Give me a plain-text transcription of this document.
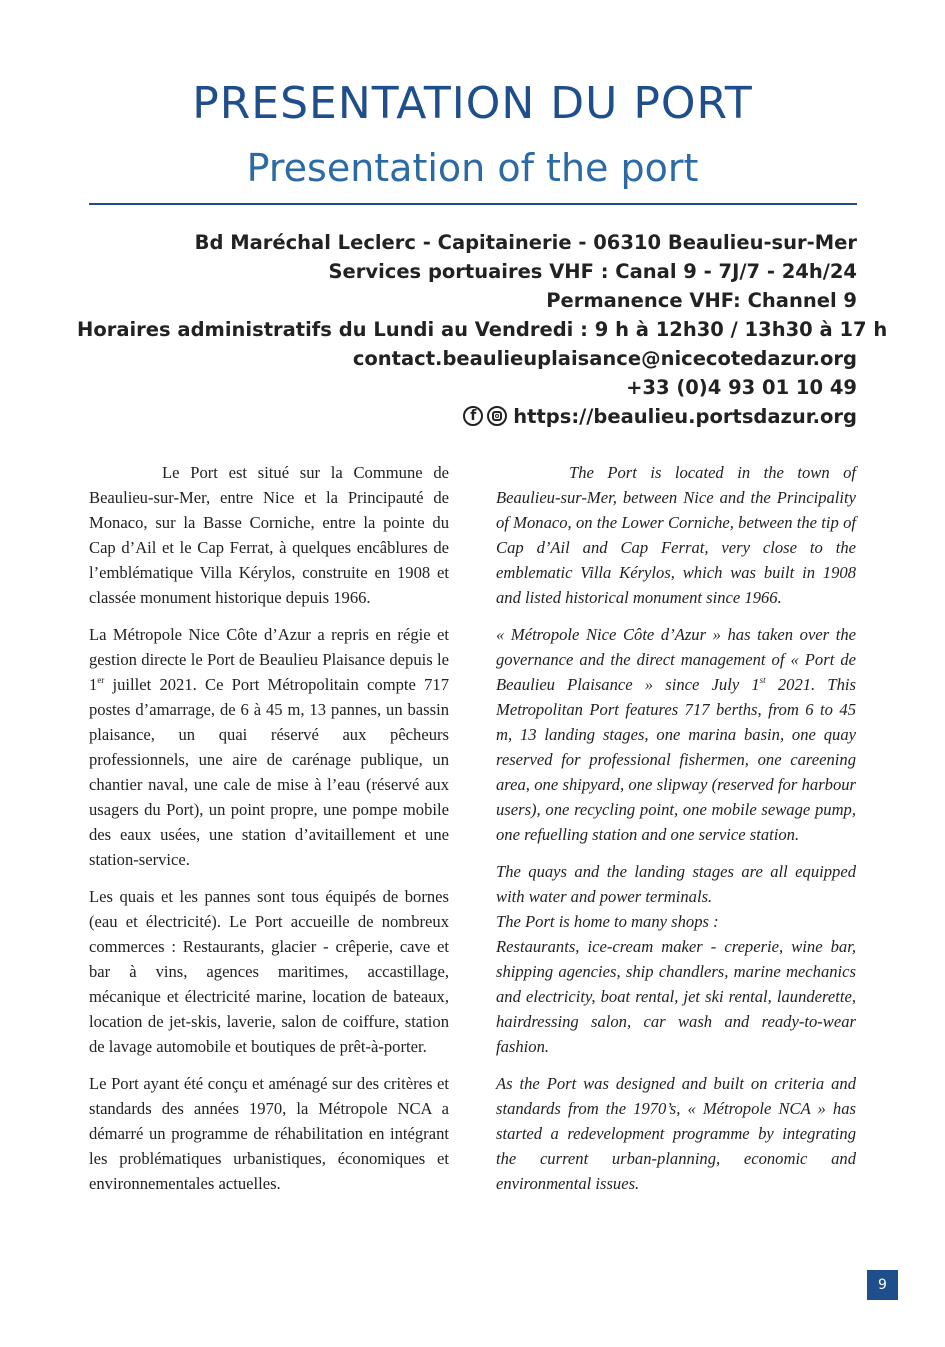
PRESENTATION DU PORT
Presentation of the port
Bd Maréchal Leclerc - Capitainerie - 06310 Beaulieu-sur-Mer
Services portuaires VHF : Canal 9 - 7J/7 - 24h/24
Permanence VHF: Channel 9
Horaires administratifs du Lundi au Vendredi : 9 h à 12h30 / 13h30 à 17 h
contact.beaulieuplaisance@nicecotedazur.org
+33 (0)4 93 01 10 49
f
https://beaulieu.portsdazur.org

Le Port est situé sur la Commune de Beaulieu-sur-Mer, entre Nice et la Principauté de Monaco, sur la Basse Corniche, entre la pointe du Cap d’Ail et le Cap Ferrat, à quelques encâblures de l’emblématique Villa Kérylos, construite en 1908 et classée monument historique depuis 1966.

La Métropole Nice Côte d’Azur a repris en régie et gestion directe le Port de Beaulieu Plaisance depuis le 1er juillet 2021. Ce Port Métropolitain compte 717 postes d’amarrage, de 6 à 45 m, 13 pannes, un bassin plaisance, un quai réservé aux pêcheurs professionnels, une aire de carénage publique, un chantier naval, une cale de mise à l’eau (réservé aux usagers du Port), un point propre, une pompe mobile des eaux usées, une station d’avitaillement et une station-service.

Les quais et les pannes sont tous équipés de bornes (eau et électricité). Le Port accueille de nombreux commerces : Restaurants, glacier - crêperie, cave et bar à vins, agences maritimes, accastillage, mécanique et électricité marine, location de bateaux, location de jet-skis, laverie, salon de coiffure, station de lavage automobile et boutiques de prêt-à-porter.

Le Port ayant été conçu et aménagé sur des critères et standards des années 1970, la Métropole NCA a démarré un programme de réhabilitation en intégrant les problématiques urbanistiques, économiques et environnementales actuelles.

The Port is located in the town of Beaulieu-sur-Mer, between Nice and the Principality of Monaco, on the Lower Corniche, between the tip of Cap d’Ail and Cap Ferrat, very close to the emblematic Villa Kérylos, which was built in 1908 and listed historical monument since 1966.

« Métropole Nice Côte d’Azur » has taken over the governance and the direct management of « Port de Beaulieu Plaisance » since July 1st 2021. This Metropolitan Port features 717 berths, from 6 to 45 m, 13 landing stages, one marina basin, one quay reserved for professional fishermen, one careening area, one shipyard, one slipway (reserved for harbour users), one recycling point, one mobile sewage pump, one refuelling station and one service station.

The quays and the landing stages are all equipped with water and power terminals.
The Port is home to many shops :
Restaurants, ice-cream maker - creperie, wine bar, shipping agencies, ship chandlers, marine mechanics and electricity, boat rental, jet ski rental, launderette, hairdressing salon, car wash and ready-to-wear fashion.

As the Port was designed and built on criteria and standards from the 1970’s, « Métropole NCA » has started a redevelopment programme by integrating the current urban-planning, economic and environmental issues.

9
